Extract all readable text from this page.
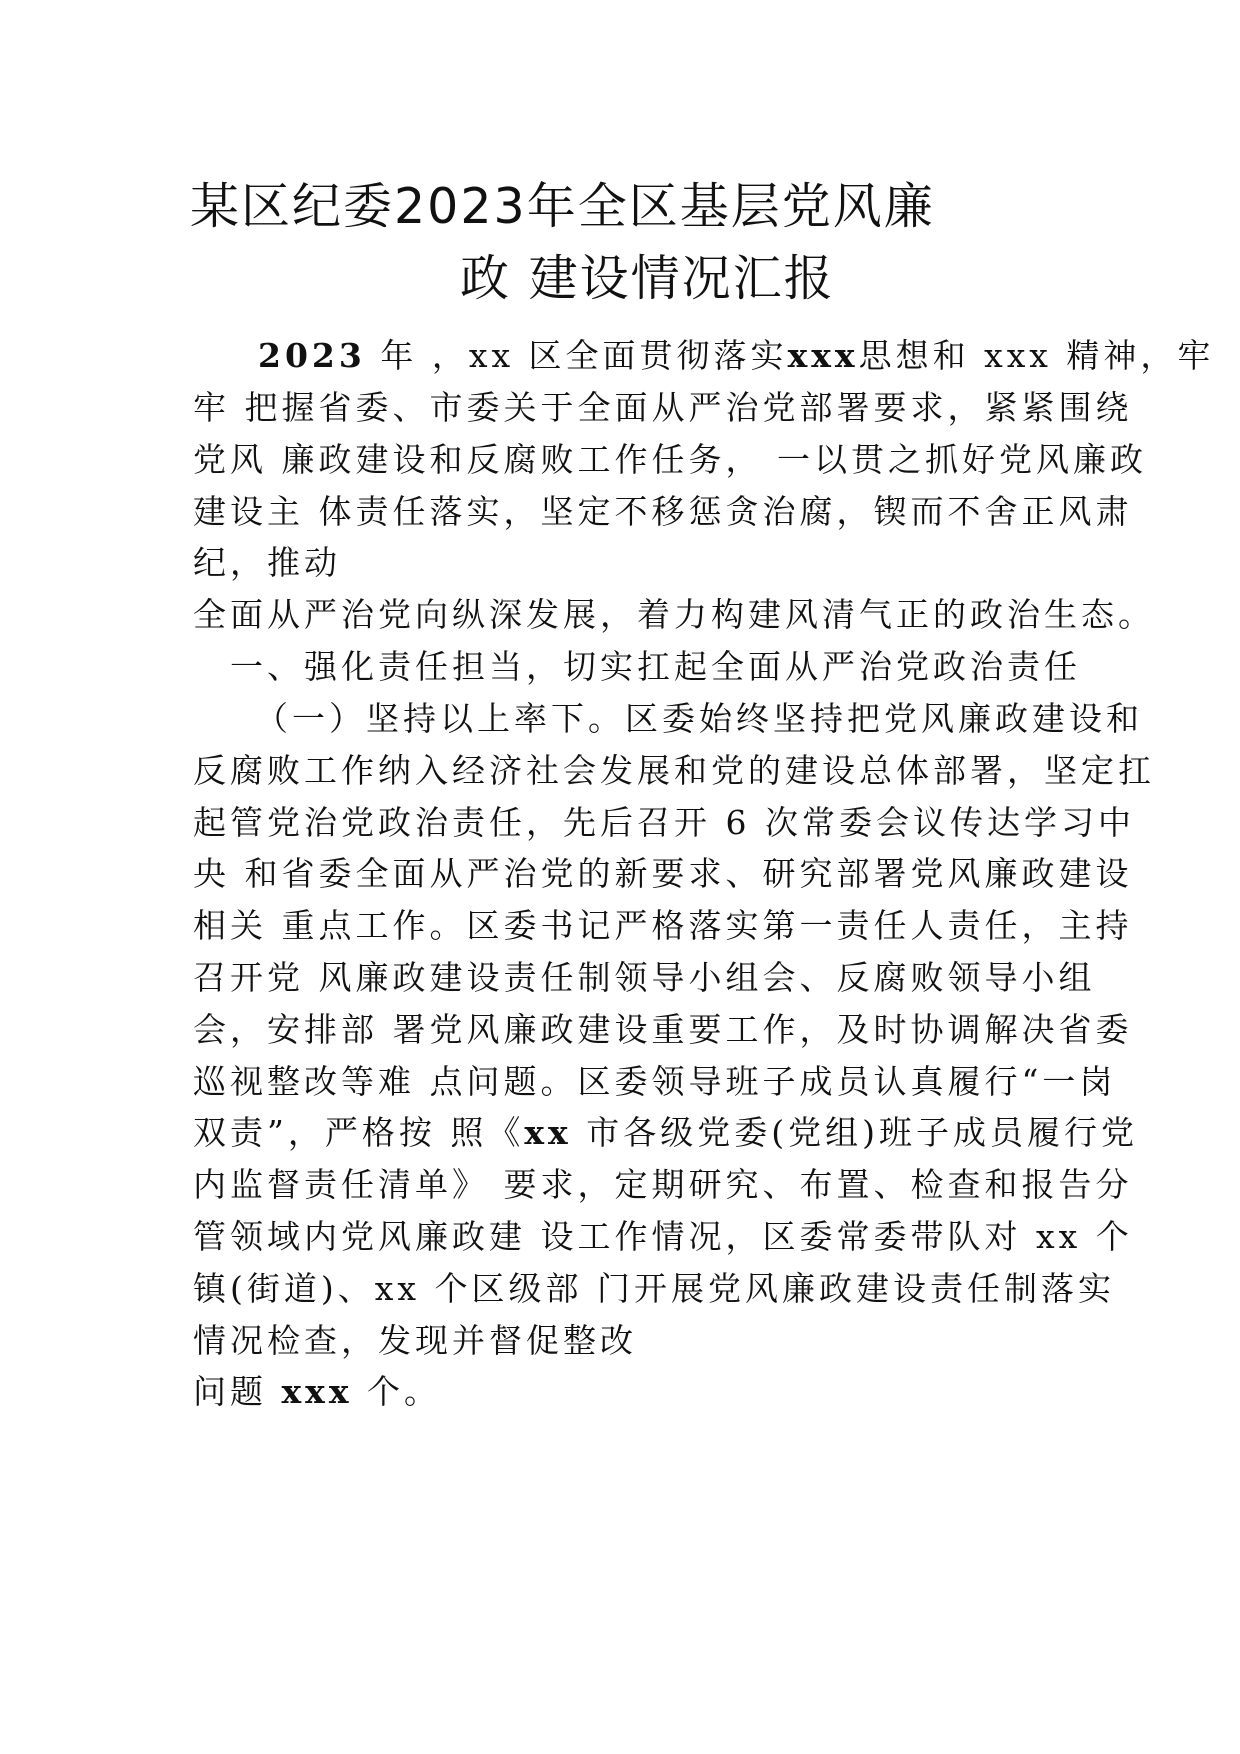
某区纪委2023年全区基层党风廉
政 建设情况汇报
2023 年 ，xx 区全面贯彻落实xxx思想和 xxx 精神，牢
牢 把握省委、市委关于全面从严治党部署要求，紧紧围绕
党风 廉政建设和反腐败工作任务， 一以贯之抓好党风廉政
建设主 体责任落实，坚定不移惩贪治腐，锲而不舍正风肃
纪，推动
全面从严治党向纵深发展，着力构建风清气正的政治生态。
一、强化责任担当，切实扛起全面从严治党政治责任
（一）坚持以上率下。区委始终坚持把党风廉政建设和
反腐败工作纳入经济社会发展和党的建设总体部署，坚定扛
起管党治党政治责任，先后召开 6 次常委会议传达学习中
央 和省委全面从严治党的新要求、研究部署党风廉政建设
相关 重点工作。区委书记严格落实第一责任人责任，主持
召开党 风廉政建设责任制领导小组会、反腐败领导小组
会，安排部 署党风廉政建设重要工作，及时协调解决省委
巡视整改等难 点问题。区委领导班子成员认真履行“一岗
双责”，严格按 照《xx 市各级党委(党组)班子成员履行党
内监督责任清单》 要求，定期研究、布置、检查和报告分
管领域内党风廉政建 设工作情况，区委常委带队对 xx 个
镇(街道)、xx 个区级部 门开展党风廉政建设责任制落实
情况检查，发现并督促整改
问题 xxx 个。
